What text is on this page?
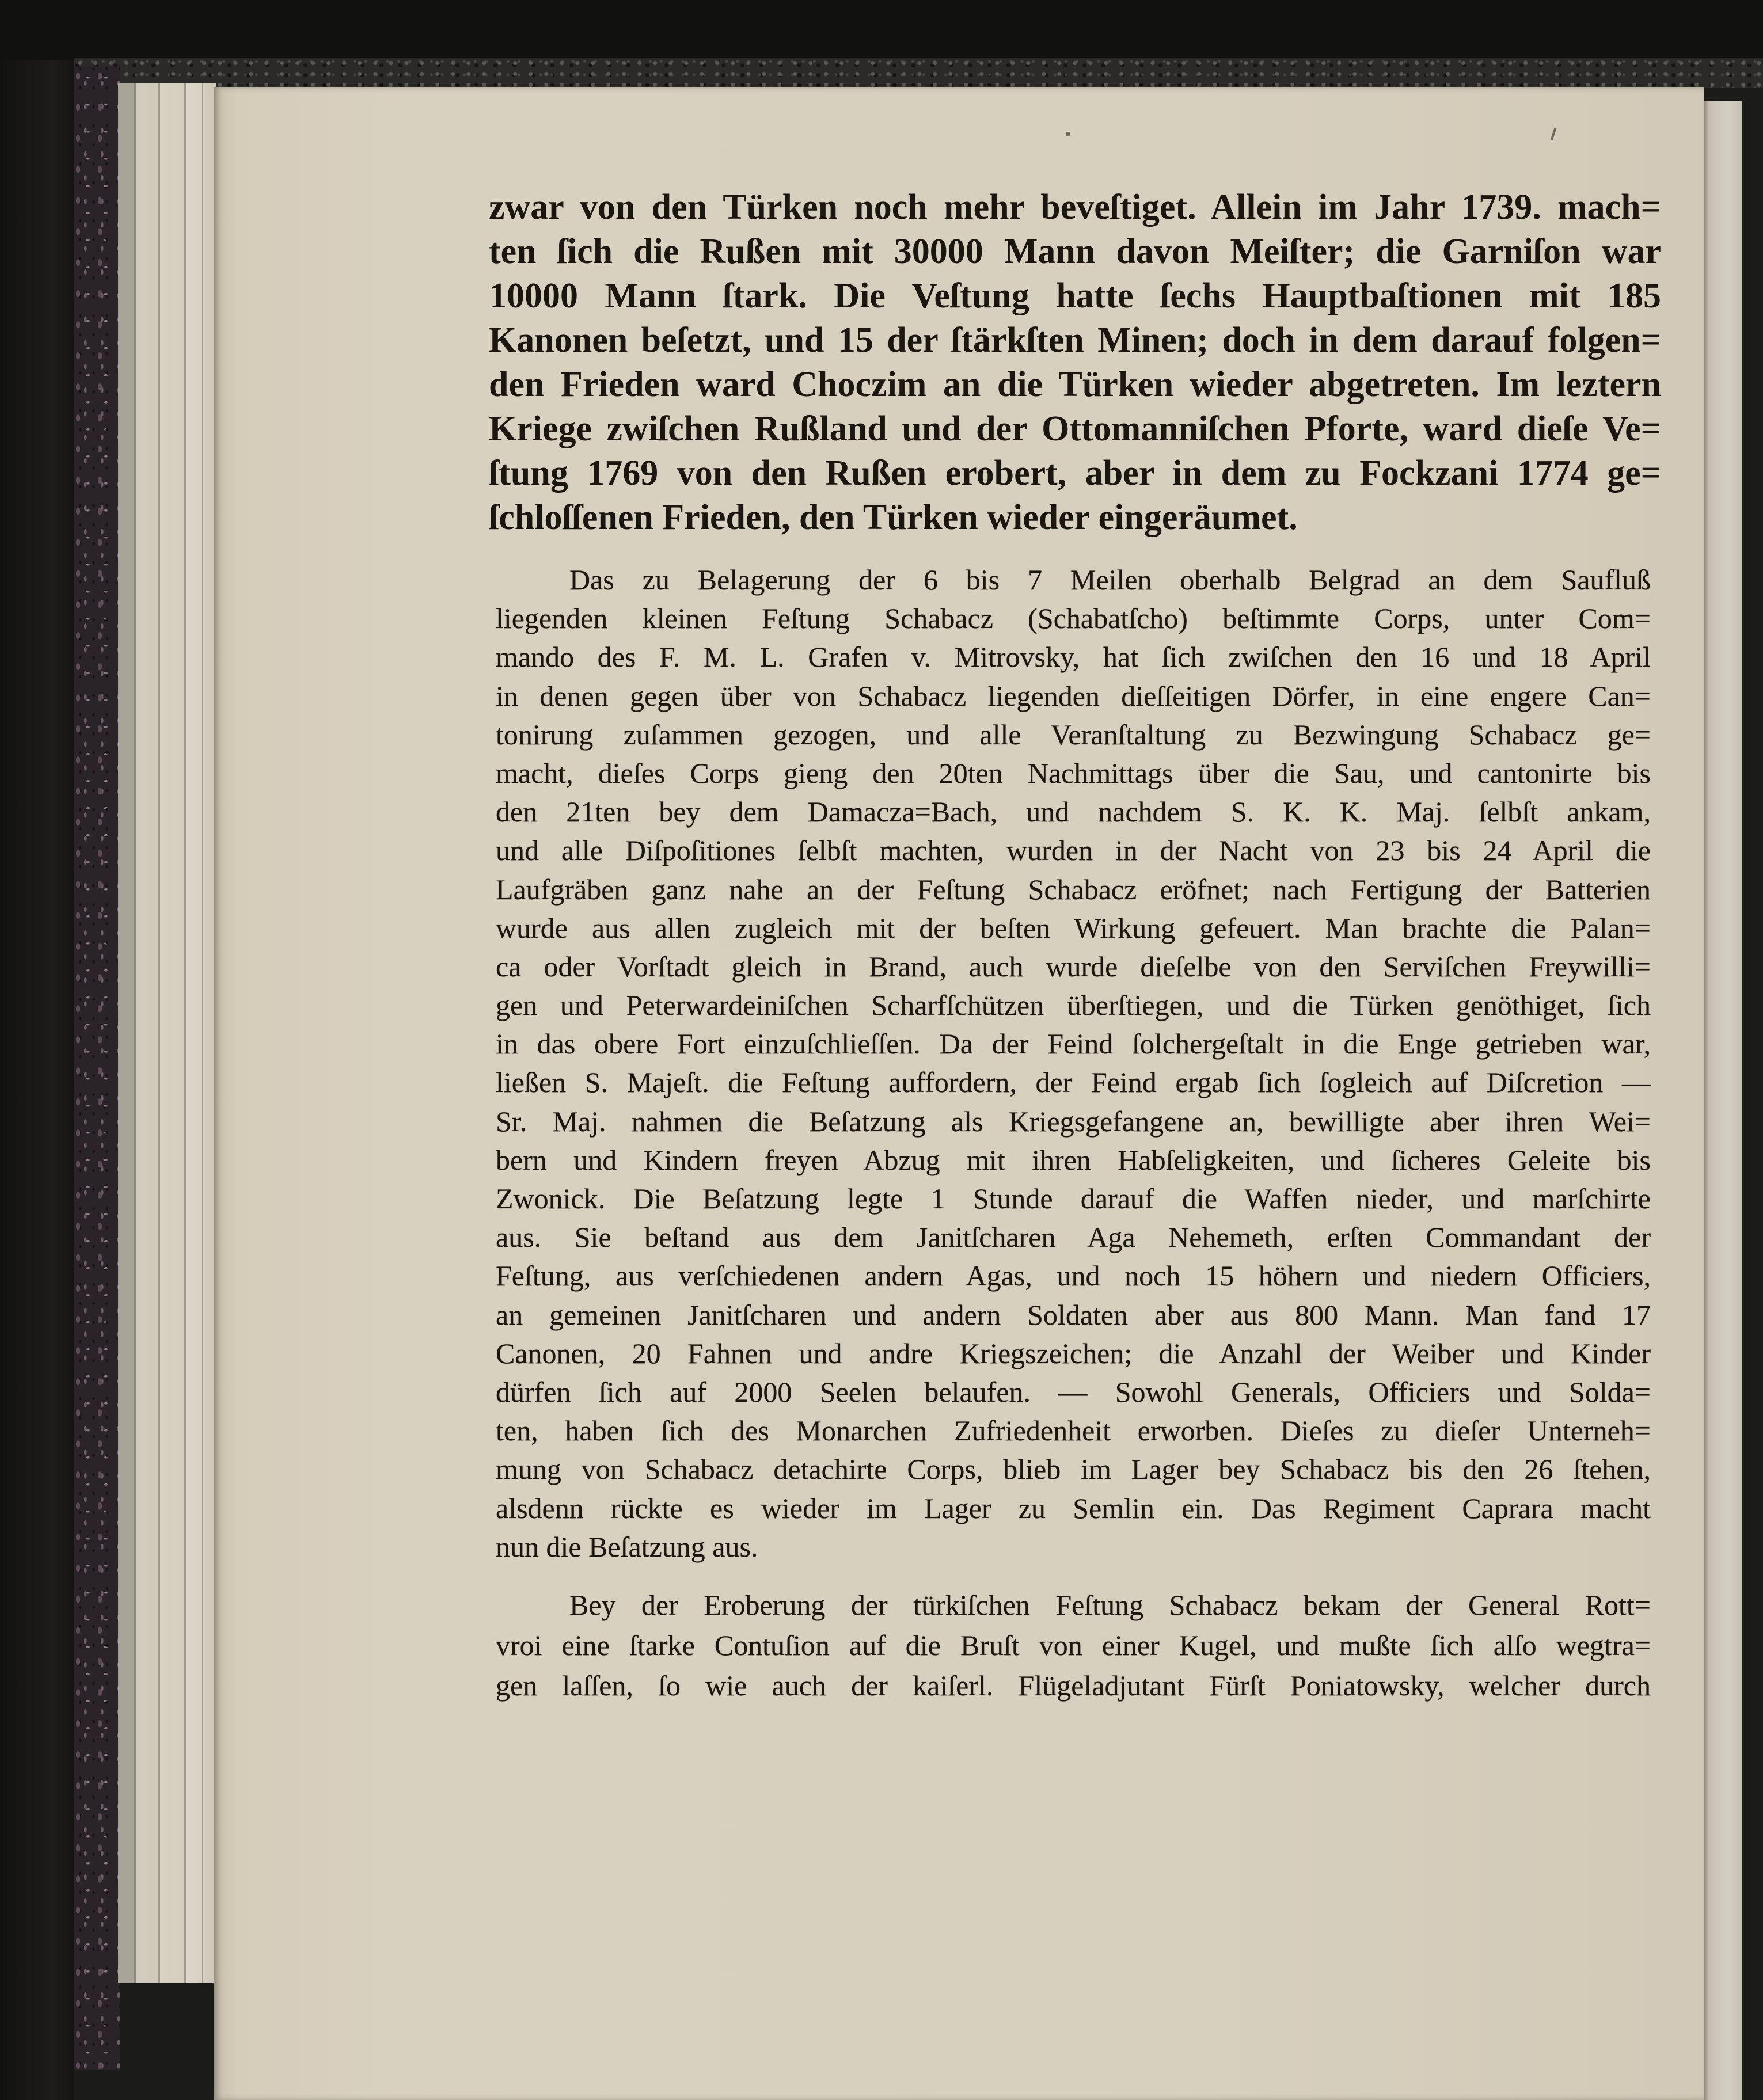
zwar von den Türken noch mehr beveſtiget. Allein im Jahr 1739. mach=
ten ſich die Rußen mit 30000 Mann davon Meiſter; die Garniſon war
10000 Mann ſtark. Die Veſtung hatte ſechs Hauptbaſtionen mit 185
Kanonen beſetzt, und 15 der ſtärkſten Minen; doch in dem darauf folgen=
den Frieden ward Choczim an die Türken wieder abgetreten. Im leztern
Kriege zwiſchen Rußland und der Ottomanniſchen Pforte, ward dieſe Ve=
ſtung 1769 von den Rußen erobert, aber in dem zu Fockzani 1774 ge=
ſchloſſenen Frieden, den Türken wieder eingeräumet.
Das zu Belagerung der 6 bis 7 Meilen oberhalb Belgrad an dem Saufluß
liegenden kleinen Feſtung Schabacz (Schabatſcho) beſtimmte Corps, unter Com=
mando des F. M. L. Grafen v. Mitrovsky, hat ſich zwiſchen den 16 und 18 April
in denen gegen über von Schabacz liegenden dieſſeitigen Dörfer, in eine engere Can=
tonirung zuſammen gezogen, und alle Veranſtaltung zu Bezwingung Schabacz ge=
macht, dieſes Corps gieng den 20ten Nachmittags über die Sau, und cantonirte bis
den 21ten bey dem Damacza=Bach, und nachdem S. K. K. Maj. ſelbſt ankam,
und alle Diſpoſitiones ſelbſt machten, wurden in der Nacht von 23 bis 24 April die
Laufgräben ganz nahe an der Feſtung Schabacz eröfnet; nach Fertigung der Batterien
wurde aus allen zugleich mit der beſten Wirkung gefeuert. Man brachte die Palan=
ca oder Vorſtadt gleich in Brand, auch wurde dieſelbe von den Serviſchen Freywilli=
gen und Peterwardeiniſchen Scharfſchützen überſtiegen, und die Türken genöthiget, ſich
in das obere Fort einzuſchlieſſen. Da der Feind ſolchergeſtalt in die Enge getrieben war,
ließen S. Majeſt. die Feſtung auffordern, der Feind ergab ſich ſogleich auf Diſcretion —
Sr. Maj. nahmen die Beſatzung als Kriegsgefangene an, bewilligte aber ihren Wei=
bern und Kindern freyen Abzug mit ihren Habſeligkeiten, und ſicheres Geleite bis
Zwonick. Die Beſatzung legte 1 Stunde darauf die Waffen nieder, und marſchirte
aus. Sie beſtand aus dem Janitſcharen Aga Nehemeth, erſten Commandant der
Feſtung, aus verſchiedenen andern Agas, und noch 15 höhern und niedern Officiers,
an gemeinen Janitſcharen und andern Soldaten aber aus 800 Mann. Man fand 17
Canonen, 20 Fahnen und andre Kriegszeichen; die Anzahl der Weiber und Kinder
dürfen ſich auf 2000 Seelen belaufen. — Sowohl Generals, Officiers und Solda=
ten, haben ſich des Monarchen Zufriedenheit erworben. Dieſes zu dieſer Unterneh=
mung von Schabacz detachirte Corps, blieb im Lager bey Schabacz bis den 26 ſtehen,
alsdenn rückte es wieder im Lager zu Semlin ein. Das Regiment Caprara macht
nun die Beſatzung aus.
Bey der Eroberung der türkiſchen Feſtung Schabacz bekam der General Rott=
vroi eine ſtarke Contuſion auf die Bruſt von einer Kugel, und mußte ſich alſo wegtra=
gen laſſen, ſo wie auch der kaiſerl. Flügeladjutant Fürſt Poniatowsky, welcher durch
